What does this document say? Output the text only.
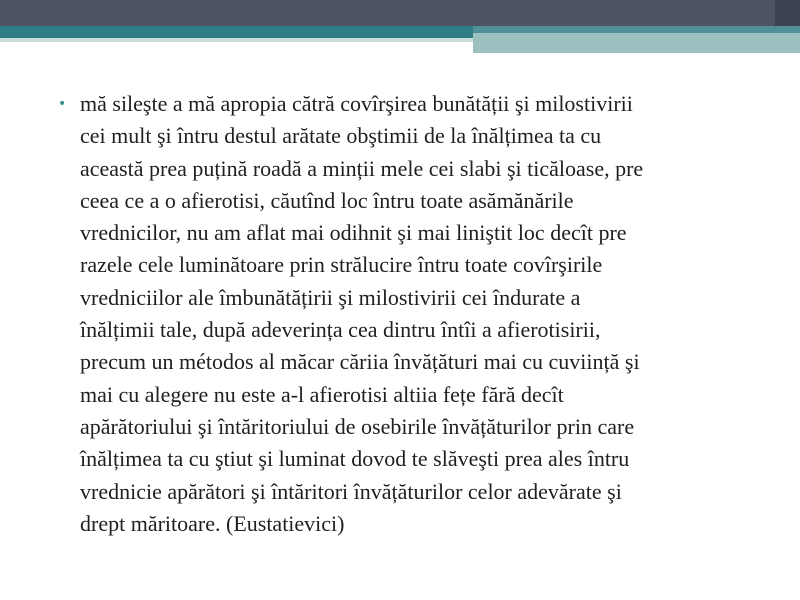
• mă sileşte a mă apropia cătră covîrşirea bunătății şi milostivirii
cei mult şi întru destul arătate obştimii de la înălțimea ta cu
această prea puțină roadă a minții mele cei slabi şi ticăloase, pre
ceea ce a o afierotisi, căutînd loc întru toate asămănările
vrednicilor, nu am aflat mai odihnit şi mai liniştit loc decît pre
razele cele luminătoare prin strălucire întru toate covîrşirile
vredniciilor ale îmbunătățirii şi milostivirii cei îndurate a
înălțimii tale, după adeverința cea dintru întîi a afierotisirii,
precum un métodos al măcar căriia învățături mai cu cuviință şi
mai cu alegere nu este a-l afierotisi altiia fețe fără decît
apărătoriului şi întăritoriului de osebirile învățăturilor prin care
înălțimea ta cu ştiut şi luminat dovod te slăveşti prea ales întru
vrednicie apărători şi întăritori învățăturilor celor adevărate şi
drept măritoare. (Eustatievici)
